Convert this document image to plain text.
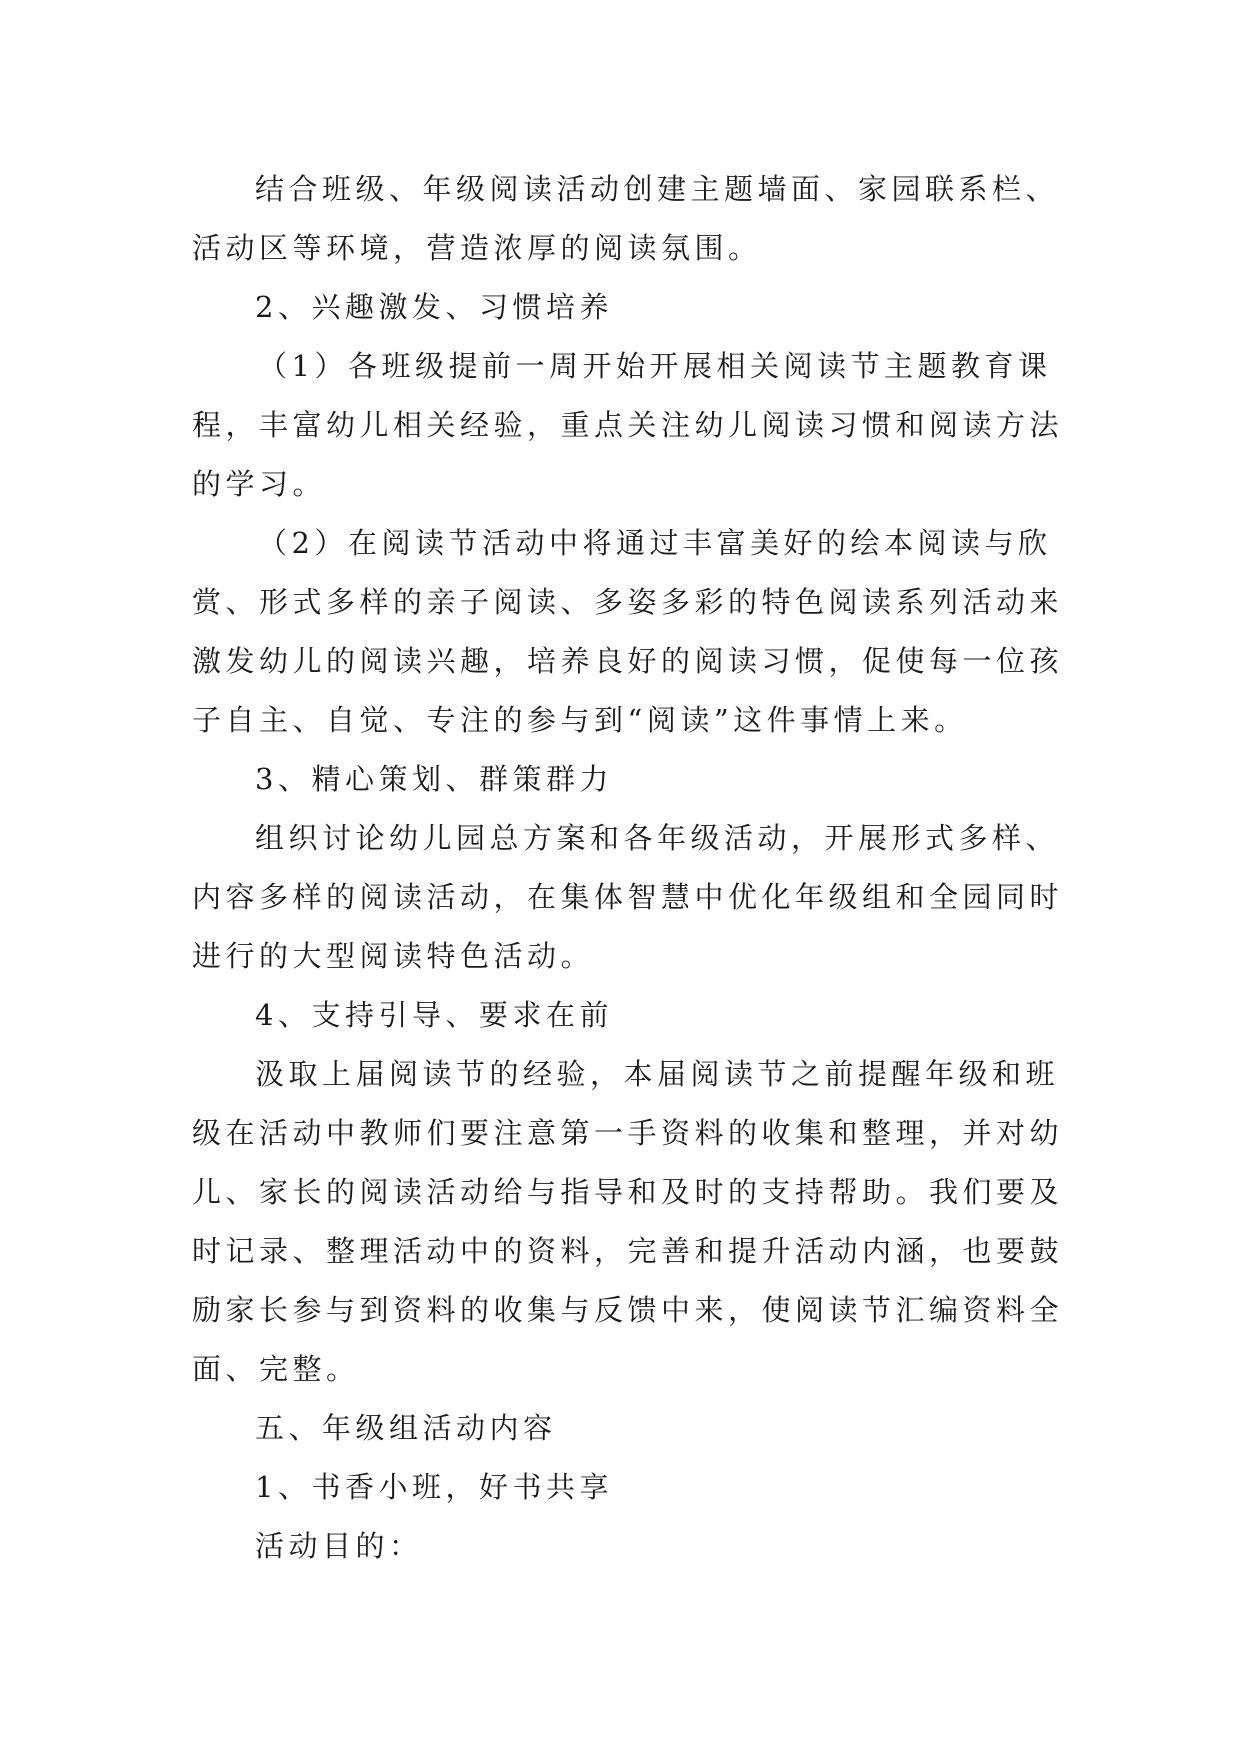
结合班级、年级阅读活动创建主题墙面、家园联系栏、
活动区等环境，营造浓厚的阅读氛围。
2、兴趣激发、习惯培养
（1）各班级提前一周开始开展相关阅读节主题教育课
程，丰富幼儿相关经验，重点关注幼儿阅读习惯和阅读方法
的学习。
（2）在阅读节活动中将通过丰富美好的绘本阅读与欣
赏、形式多样的亲子阅读、多姿多彩的特色阅读系列活动来
激发幼儿的阅读兴趣，培养良好的阅读习惯，促使每一位孩
子自主、自觉、专注的参与到“阅读”这件事情上来。
3、精心策划、群策群力
组织讨论幼儿园总方案和各年级活动，开展形式多样、
内容多样的阅读活动，在集体智慧中优化年级组和全园同时
进行的大型阅读特色活动。
4、支持引导、要求在前
汲取上届阅读节的经验，本届阅读节之前提醒年级和班
级在活动中教师们要注意第一手资料的收集和整理，并对幼
儿、家长的阅读活动给与指导和及时的支持帮助。我们要及
时记录、整理活动中的资料，完善和提升活动内涵，也要鼓
励家长参与到资料的收集与反馈中来，使阅读节汇编资料全
面、完整。
五、年级组活动内容
1、书香小班，好书共享
活动目的：
